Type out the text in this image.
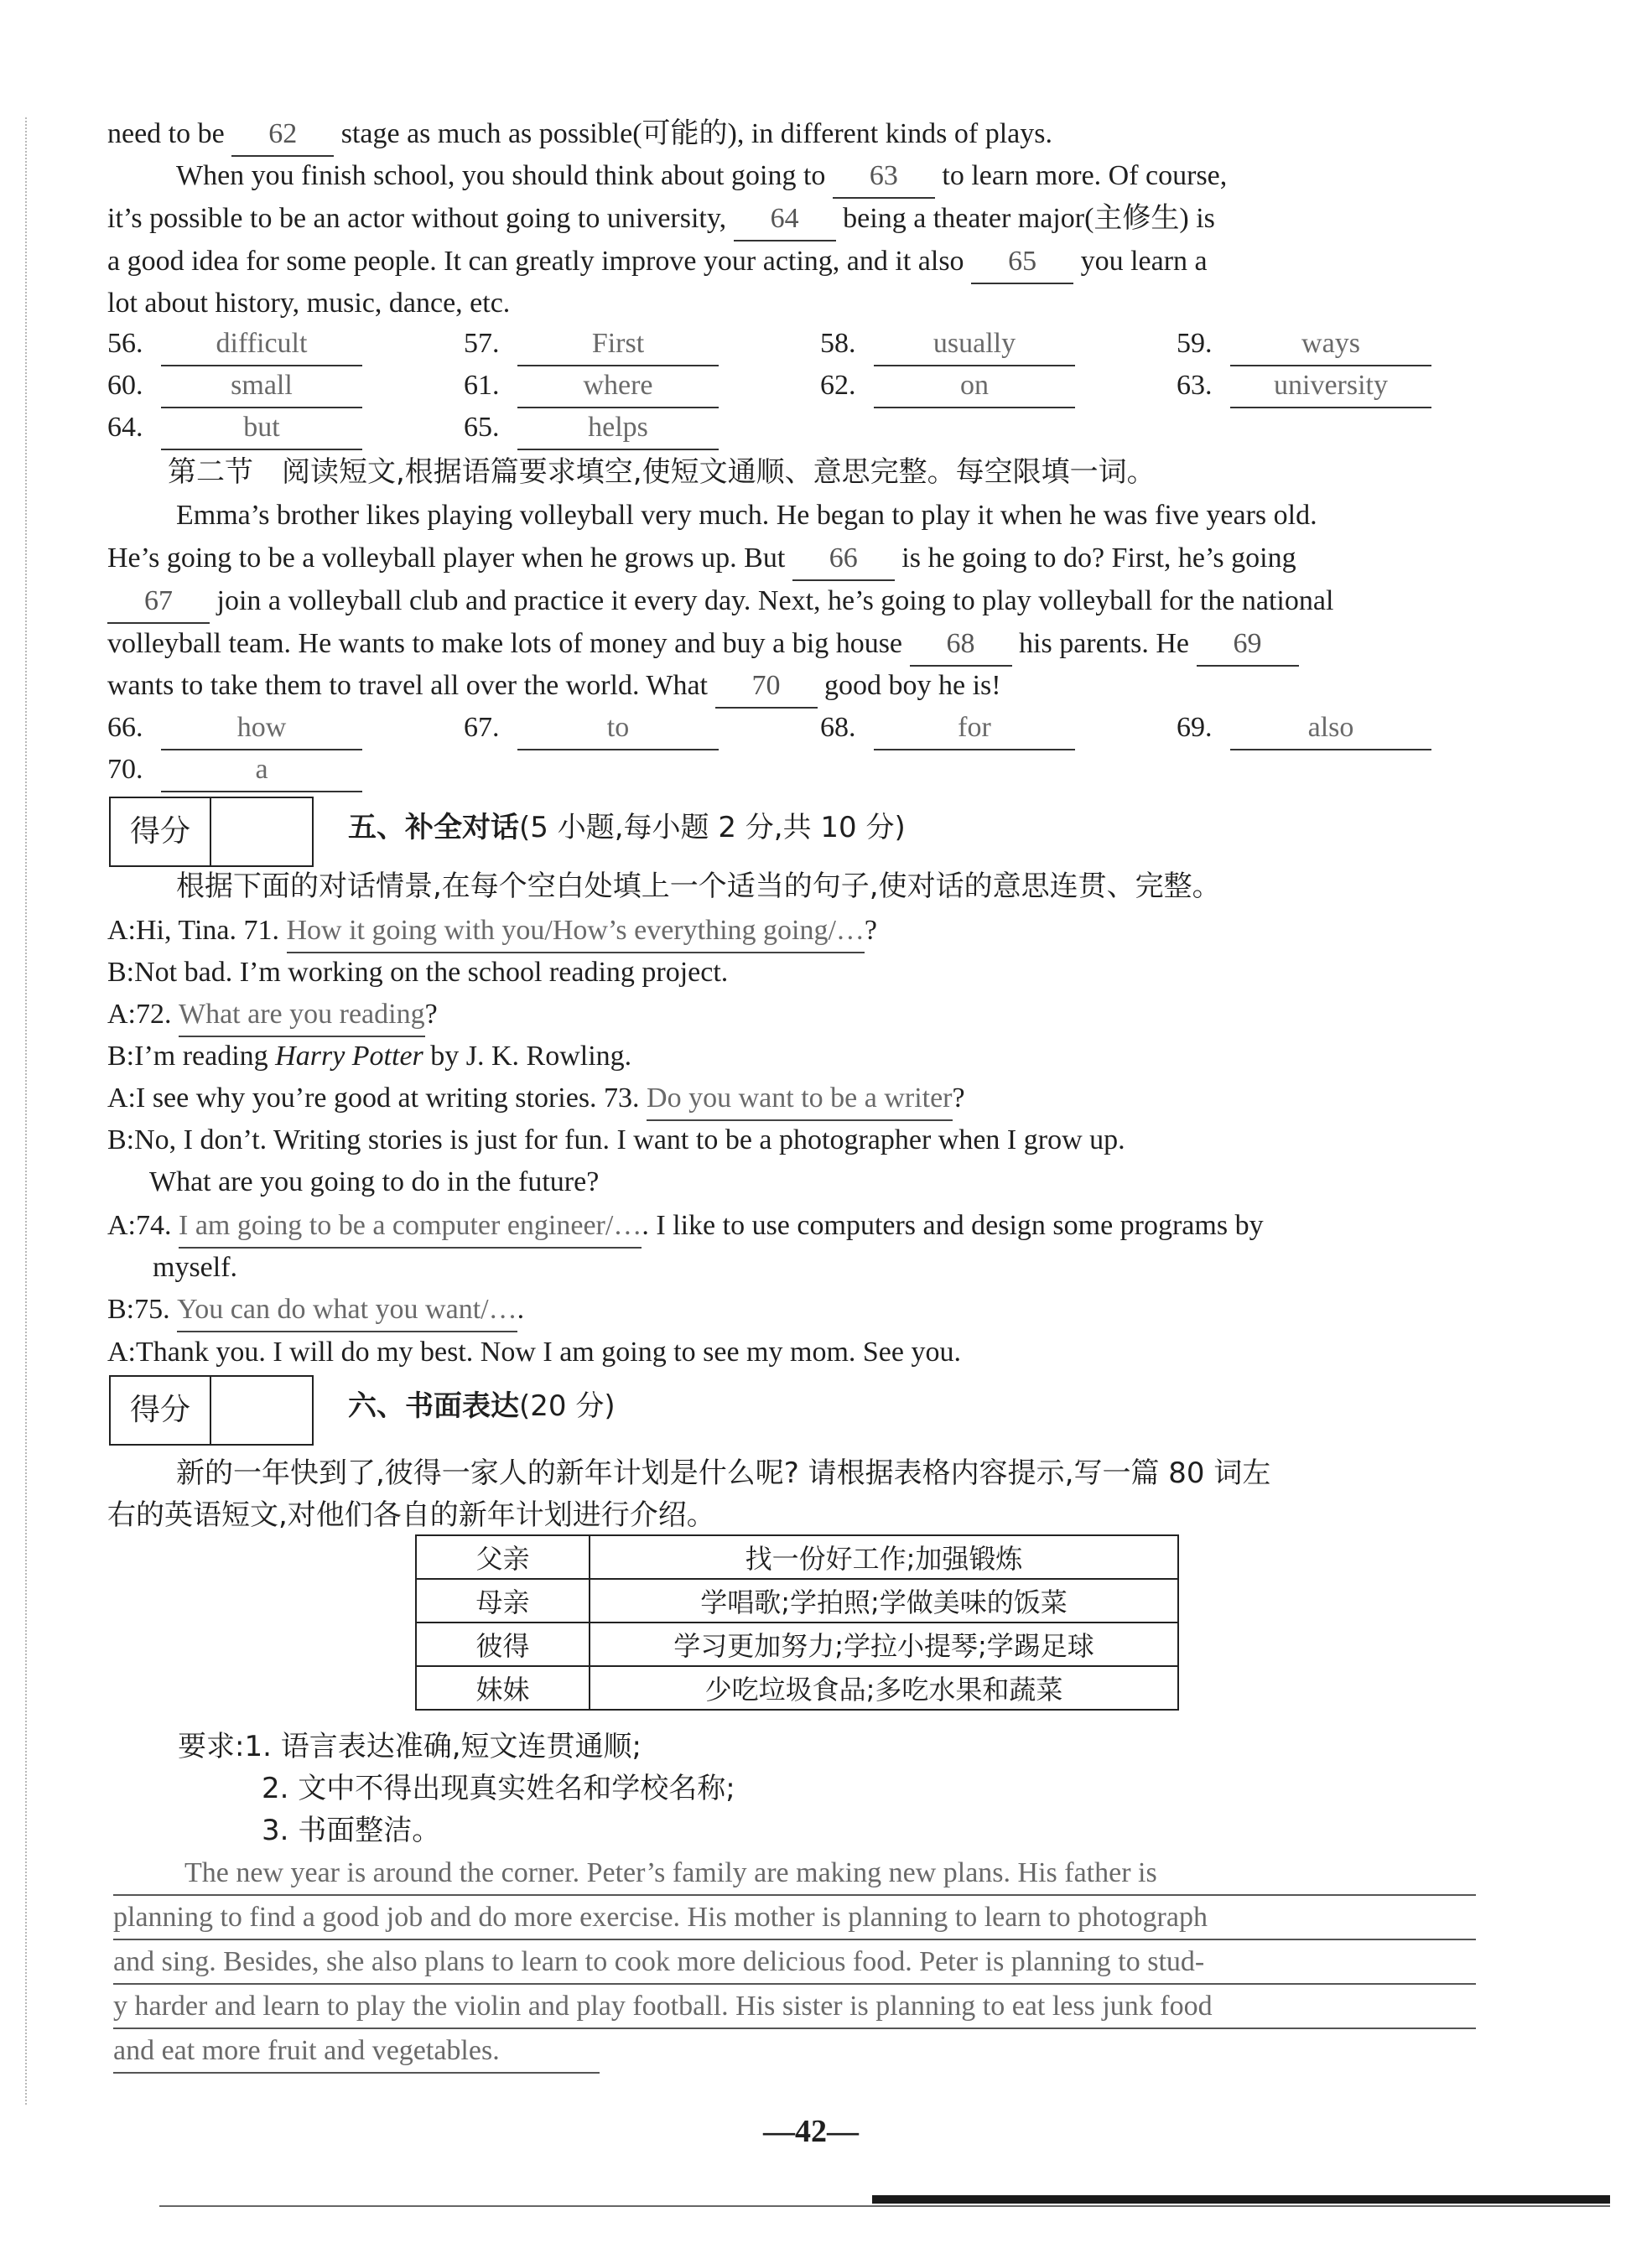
need to be 62 stage as much as possible(可能的), in different kinds of plays.
When you finish school, you should think about going to 63 to learn more. Of course,
it’s possible to be an actor without going to university, 64 being a theater major(主修生) is
a good idea for some people. It can greatly improve your acting, and it also 65 you learn a
lot about history, music, dance, etc.
56.	difficult	57.	First	58.	usually	59.	ways
60.	small	61.	where	62.	on	63. university
64.	but	65.	helps
第二节　阅读短文,根据语篇要求填空,使短文通顺、意思完整。每空限填一词。
Emma’s brother likes playing volleyball very much. He began to play it when he was five years old.
He’s going to be a volleyball player when he grows up. But 66 is he going to do? First, he’s going
67 join a volleyball club and practice it every day. Next, he’s going to play volleyball for the national
volleyball team. He wants to make lots of money and buy a big house 68 his parents. He 69
wants to take them to travel all over the world. What 70 good boy he is!
66.	how	67.	to	68.	for	69.	also
70.	a
得分	五、补全对话(5 小题,每小题 2 分,共 10 分)
根据下面的对话情景,在每个空白处填上一个适当的句子,使对话的意思连贯、完整。
A:Hi, Tina. 71. How it going with you/How’s everything going/…?
B:Not bad. I’m working on the school reading project.
A:72. What are you reading?
B:I’m reading Harry Potter by J. K. Rowling.
A:I see why you’re good at writing stories. 73. Do you want to be a writer?
B:No, I don’t. Writing stories is just for fun. I want to be a photographer when I grow up.
What are you going to do in the future?
A:74. I am going to be a computer engineer/…. I like to use computers and design some programs by
myself.
B:75. You can do what you want/….
A:Thank you. I will do my best. Now I am going to see my mom. See you.
得分	六、书面表达(20 分)
新的一年快到了,彼得一家人的新年计划是什么呢? 请根据表格内容提示,写一篇 80 词左
右的英语短文,对他们各自的新年计划进行介绍。
父亲	找一份好工作;加强锻炼
母亲	学唱歌;学拍照;学做美味的饭菜
彼得	学习更加努力;学拉小提琴;学踢足球
妹妹	少吃垃圾食品;多吃水果和蔬菜
要求:1. 语言表达准确,短文连贯通顺;
2. 文中不得出现真实姓名和学校名称;
3. 书面整洁。
The new year is around the corner. Peter’s family are making new plans. His father is
planning to find a good job and do more exercise. His mother is planning to learn to photograph
and sing. Besides, she also plans to learn to cook more delicious food. Peter is planning to stud-
y harder and learn to play the violin and play football. His sister is planning to eat less junk food
and eat more fruit and vegetables.
—42—
